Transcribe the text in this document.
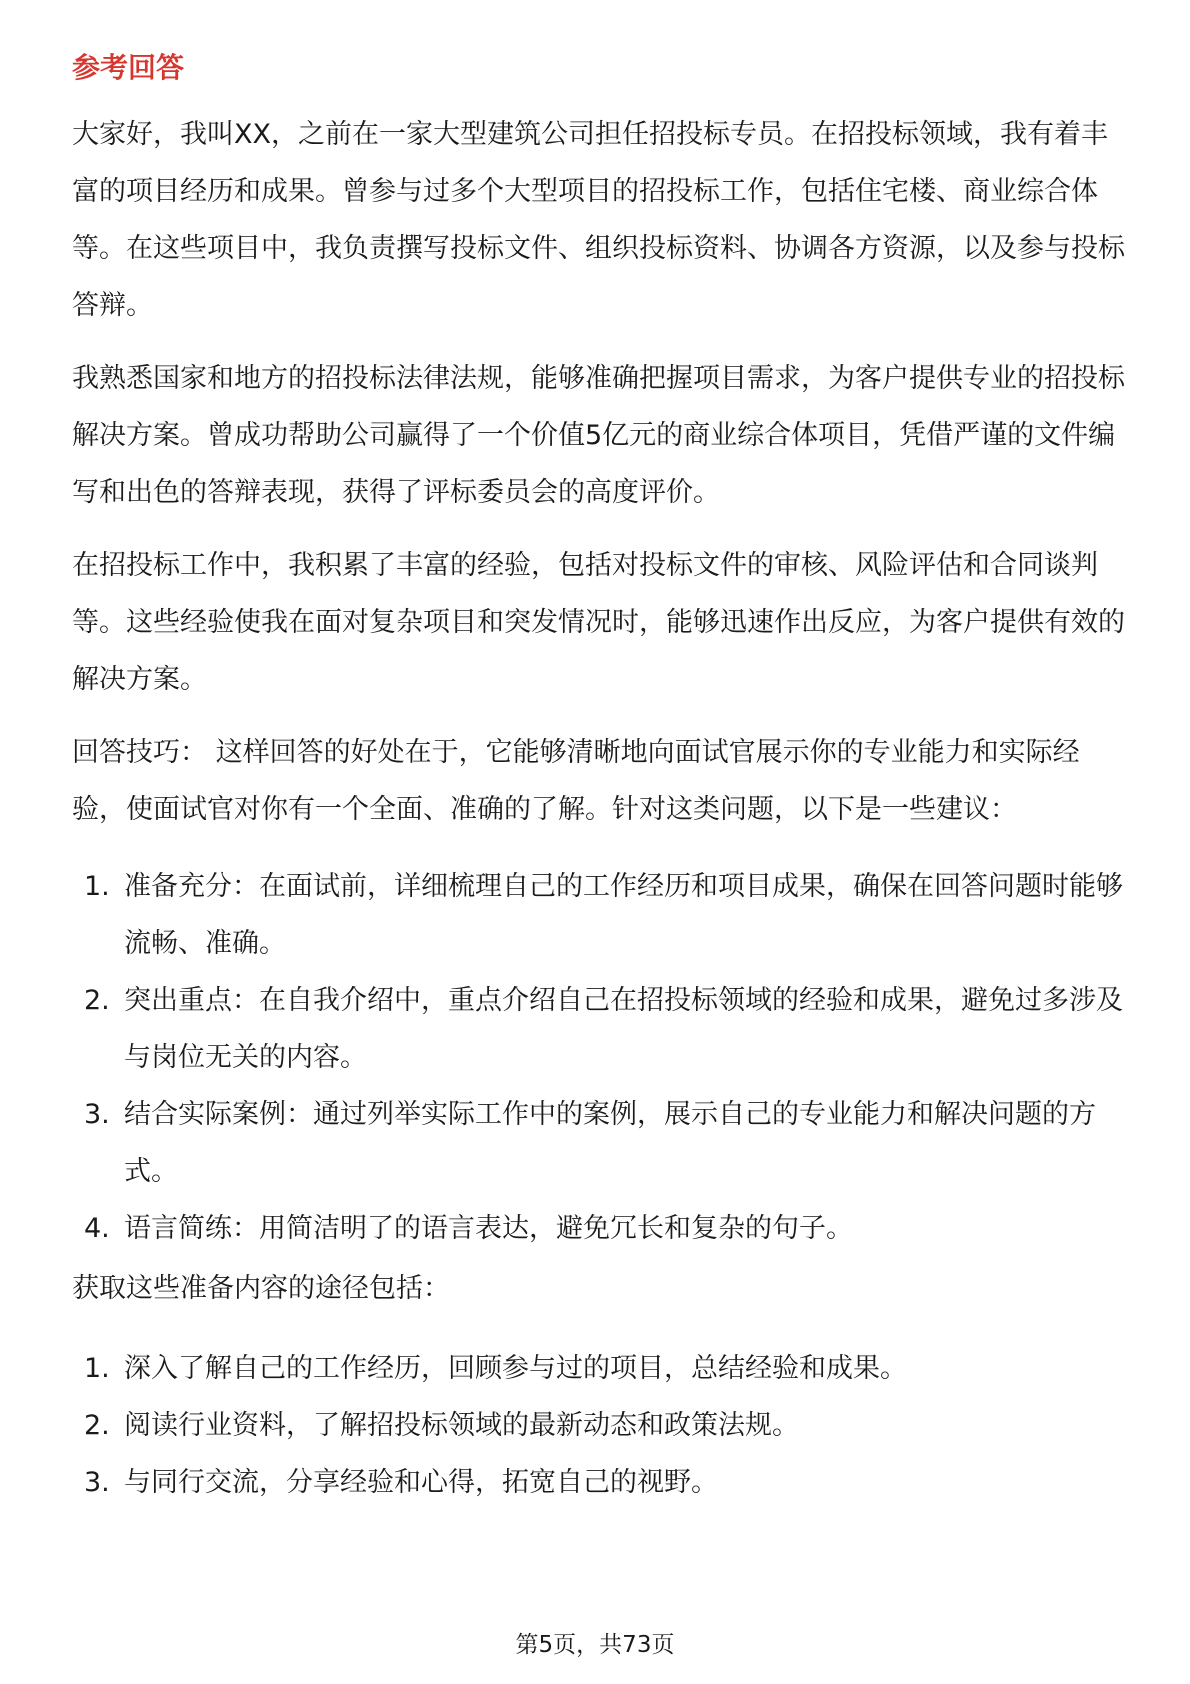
参考回答

大家好，我叫XX，之前在一家大型建筑公司担任招投标专员。在招投标领域，我有着丰富的项目经历和成果。曾参与过多个大型项目的招投标工作，包括住宅楼、商业综合体等。在这些项目中，我负责撰写投标文件、组织投标资料、协调各方资源，以及参与投标答辩。

我熟悉国家和地方的招投标法律法规，能够准确把握项目需求，为客户提供专业的招投标解决方案。曾成功帮助公司赢得了一个价值5亿元的商业综合体项目，凭借严谨的文件编写和出色的答辩表现，获得了评标委员会的高度评价。

在招投标工作中，我积累了丰富的经验，包括对投标文件的审核、风险评估和合同谈判等。这些经验使我在面对复杂项目和突发情况时，能够迅速作出反应，为客户提供有效的解决方案。

回答技巧： 这样回答的好处在于，它能够清晰地向面试官展示你的专业能力和实际经验，使面试官对你有一个全面、准确的了解。针对这类问题，以下是一些建议：

1. 准备充分：在面试前，详细梳理自己的工作经历和项目成果，确保在回答问题时能够流畅、准确。
2. 突出重点：在自我介绍中，重点介绍自己在招投标领域的经验和成果，避免过多涉及与岗位无关的内容。
3. 结合实际案例：通过列举实际工作中的案例，展示自己的专业能力和解决问题的方式。
4. 语言简练：用简洁明了的语言表达，避免冗长和复杂的句子。

获取这些准备内容的途径包括：

1. 深入了解自己的工作经历，回顾参与过的项目，总结经验和成果。
2. 阅读行业资料，了解招投标领域的最新动态和政策法规。
3. 与同行交流，分享经验和心得，拓宽自己的视野。
第5页，共73页
